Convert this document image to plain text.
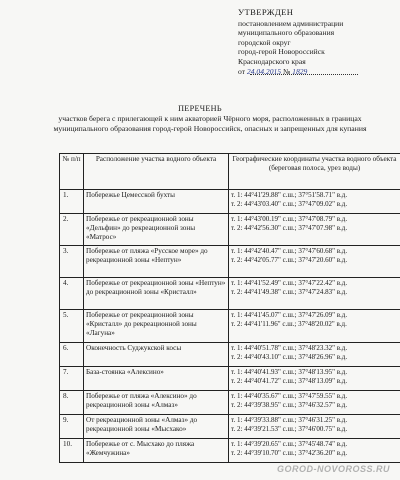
УТВЕРЖДЕН
постановлением администрации
муниципального образования
городской округ
город-герой Новороссийск
Краснодарского края
от 24.04.2015 № 1829
ПЕРЕЧЕНЬ
участков берега с прилегающей к ним акваторией Чёрного моря, расположенных в границах муниципального образования город-герой Новороссийск, опасных и запрещенных для купания
№ п/п	Расположение участка водного объекта	Географические координаты участка водного объекта (береговая полоса, урез воды)
1.	Побережье Цемесской бухты	т. 1: 44°41'29.88" с.ш.; 37°51'58.71" в.д.
т. 2: 44°43'03.40" с.ш.; 37°47'09.02" в.д.

2.	Побережье от рекреационной зоны «Дельфин» до рекреационной зоны «Матрос»	т. 1: 44°43'00.19" с.ш.; 37°47'08.79" в.д.
т. 2: 44°42'56.30" с.ш.; 37°47'07.98" в.д.

3.	Побережье от пляжа «Русское море» до рекреационной зоны «Нептун»	т. 1: 44°42'40.47" с.ш.; 37°47'60.68" в.д.
т. 2: 44°42'05.77" с.ш.; 37°47'20.60" в.д.

4.	Побережье от рекреационной зоны «Нептун» до рекреационной зоны «Кристалл»	т. 1: 44°41'52.49" с.ш.; 37°47'22.42" в.д.
т. 2: 44°41'49.38" с.ш.; 37°47'24.83" в.д.

5.	Побережье от рекреационной зоны «Кристалл» до рекреационной зоны «Лагуна»	т. 1: 44°41'45.07" с.ш.; 37°47'26.09" в.д.
т. 2: 44°41'11.96" с.ш.; 37°48'20.02" в.д.

6.	Оконечность Суджукской косы	т. 1: 44°40'51.78" с.ш.; 37°48'23.32" в.д.
т. 2: 44°40'43.10" с.ш.; 37°48'26.96" в.д.

7.	База-стоянка «Алексино»	т. 1: 44°40'41.93" с.ш.; 37°48'13.95" в.д.
т. 2: 44°40'41.72" с.ш.; 37°48'13.09" в.д.

8.	Побережье от пляжа «Алексино» до рекреационной зоны «Алмаз»	т. 1: 44°40'35.67" с.ш.; 37°47'59.55" в.д.
т. 2: 44°39'38.95" с.ш.; 37°46'32.57" в.д.

9.	От рекреационной зоны «Алмаз» до рекреационной зоны «Мысхако»	т. 1: 44°39'33.88" с.ш.; 37°46'31.25" в.д.
т. 2: 44°39'21.53" с.ш.; 37°46'00.75" в.д.

10.	Побережье от с. Мысхако до пляжа «Жемчужина»	т. 1: 44°39'20.65" с.ш.; 37°45'48.74" в.д.
т. 2: 44°39'10.70" с.ш.; 37°42'36.20" в.д.
GOROD-NOVOROSS.RU
